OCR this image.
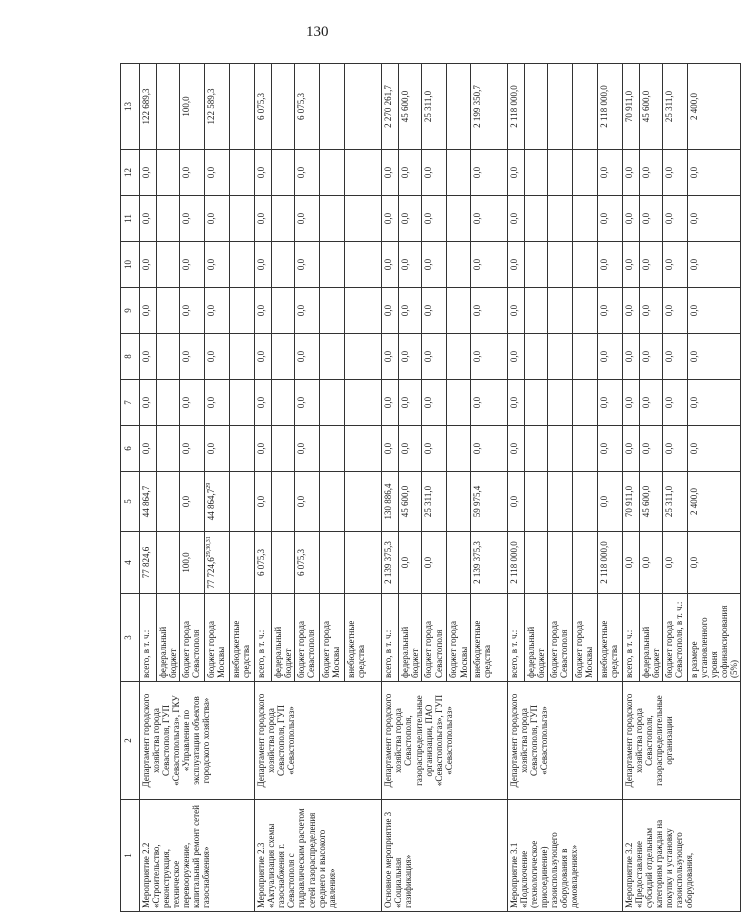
130
1	2	3	4	5	6	7	8	9	10	11	12	13
Мероприятие 2.2 «Строительство, реконструкция, техническое перевооружение, капитальный ремонт сетей газоснабжения»	Департамент городского хозяйства города Севастополя, ГУП «Севастопольгаз», ГКУ «Управление по эксплуатации объектов городского хозяйства»	всего, в т. ч.:	77 824,6	44 864,7	0,0	0,0	0,0	0,0	0,0	0,0	0,0	122 689,3
		федеральный бюджет										
		бюджет города Севастополя	100,0	0,0	0,0	0,0	0,0	0,0	0,0	0,0	0,0	100,0
		бюджет города Москвы	77 724,6$^{29,30,31}$	44 864,7$^{29}$	0,0	0,0	0,0	0,0	0,0	0,0	0,0	122 589,3
		внебюджетные средства										
Мероприятие 2.3 «Актуализация схемы газоснабжения г. Севастополя с гидравлическим расчетом сетей газораспределения среднего и высокого давления»	Департамент городского хозяйства города Севастополя, ГУП «Севастопольгаз»	всего, в т. ч.:	6 075,3	0,0	0,0	0,0	0,0	0,0	0,0	0,0	0,0	6 075,3
		федеральный бюджет										
		бюджет города Севастополя	6 075,3	0,0	0,0	0,0	0,0	0,0	0,0	0,0	0,0	6 075,3
		бюджет города Москвы										
		внебюджетные средства										
Основное мероприятие 3 «Социальная газификация»	Департамент городского хозяйства города Севастополя, газораспределительные организации, ПАО «Севастопольгаз», ГУП «Севастопольгаз»	всего, в т. ч.:	2 139 375,3	130 886,4	0,0	0,0	0,0	0,0	0,0	0,0	0,0	2 270 261,7
		федеральный бюджет	0,0	45 600,0	0,0	0,0	0,0	0,0	0,0	0,0	0,0	45 600,0
		бюджет города Севастополя	0,0	25 311,0	0,0	0,0	0,0	0,0	0,0	0,0	0,0	25 311,0
		бюджет города Москвы										
		внебюджетные средства	2 139 375,3	59 975,4	0,0	0,0	0,0	0,0	0,0	0,0	0,0	2 199 350,7
Мероприятие 3.1 «Подключение (технологическое присоединение) газоиспользующего оборудования в домовладениях»	Департамент городского хозяйства города Севастополя, ГУП «Севастопольгаз»	всего, в т. ч.:	2 118 000,0	0,0	0,0	0,0	0,0	0,0	0,0	0,0	0,0	2 118 000,0
		федеральный бюджет										
		бюджет города Севастополя										
		бюджет города Москвы										
		внебюджетные средства	2 118 000,0	0,0	0,0	0,0	0,0	0,0	0,0	0,0	0,0	2 118 000,0
Мероприятие 3.2 «Предоставление субсидий отдельным категориям граждан на покупку и установку газоиспользующего оборудования,	Департамент городского хозяйства города Севастополя, газораспределительные организации	всего, в т. ч.:	0,0	70 911,0	0,0	0,0	0,0	0,0	0,0	0,0	0,0	70 911,0
		федеральный бюджет	0,0	45 600,0	0,0	0,0	0,0	0,0	0,0	0,0	0,0	45 600,0
		бюджет города Севастополя, в т. ч.:	0,0	25 311,0	0,0	0,0	0,0	0,0	0,0	0,0	0,0	25 311,0
		в размере установленного уровня софинансирования (5%)	0,0	2 400,0	0,0	0,0	0,0	0,0	0,0	0,0	0,0	2 400,0
